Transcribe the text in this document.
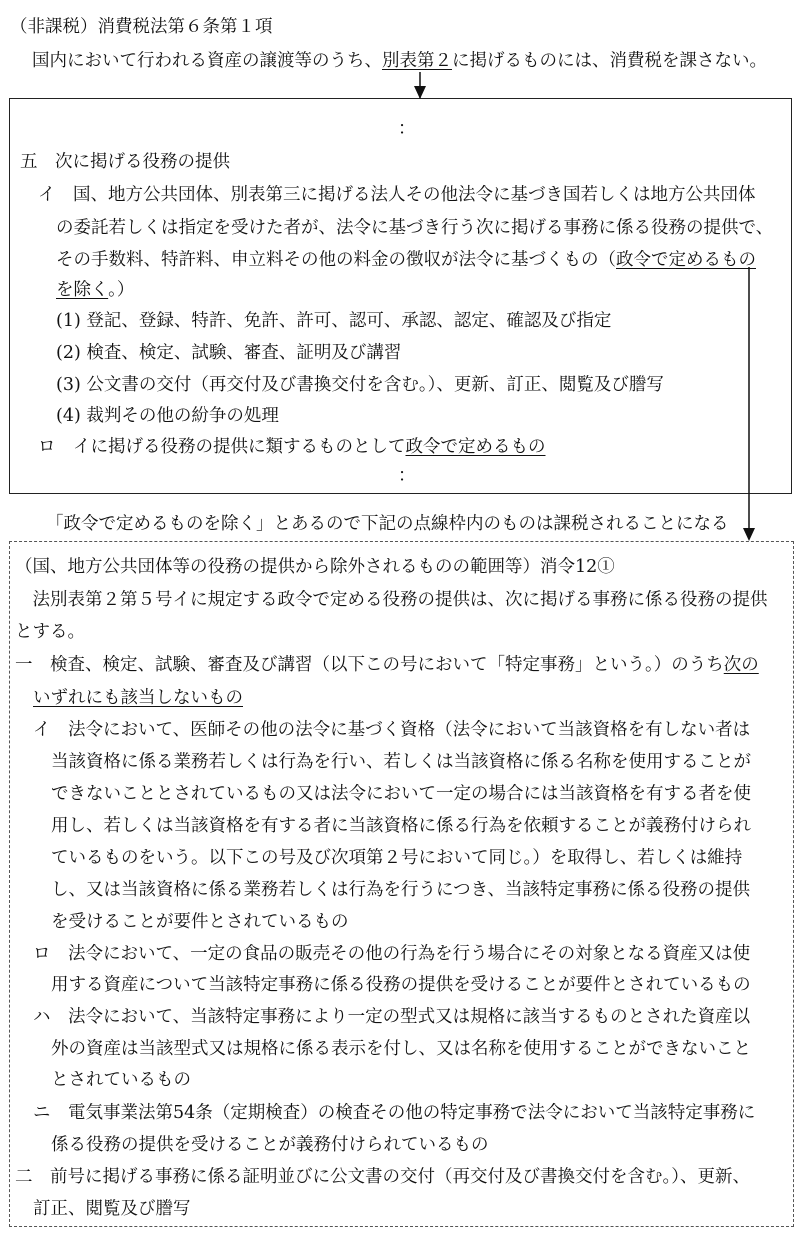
（非課税）消費税法第６条第１項
国内において行われる資産の譲渡等のうち、別表第２に掲げるものには、消費税を課さない。
：
五　次に掲げる役務の提供
イ　国、地方公共団体、別表第三に掲げる法人その他法令に基づき国若しくは地方公共団体
の委託若しくは指定を受けた者が、法令に基づき行う次に掲げる事務に係る役務の提供で、
その手数料、特許料、申立料その他の料金の徴収が法令に基づくもの（政令で定めるもの
を除く。）
(1) 登記、登録、特許、免許、許可、認可、承認、認定、確認及び指定
(2) 検査、検定、試験、審査、証明及び講習
(3) 公文書の交付（再交付及び書換交付を含む。）、更新、訂正、閲覧及び謄写
(4) 裁判その他の紛争の処理
ロ　イに掲げる役務の提供に類するものとして政令で定めるもの
：
「政令で定めるものを除く」とあるので下記の点線枠内のものは課税されることになる
（国、地方公共団体等の役務の提供から除外されるものの範囲等）消令12①
　法別表第２第５号イに規定する政令で定める役務の提供は、次に掲げる事務に係る役務の提供
とする。
一　検査、検定、試験、審査及び講習（以下この号において「特定事務」という。）のうち次の
いずれにも該当しないもの
イ　法令において、医師その他の法令に基づく資格（法令において当該資格を有しない者は
当該資格に係る業務若しくは行為を行い、若しくは当該資格に係る名称を使用することが
できないこととされているもの又は法令において一定の場合には当該資格を有する者を使
用し、若しくは当該資格を有する者に当該資格に係る行為を依頼することが義務付けられ
ているものをいう。以下この号及び次項第２号において同じ。）を取得し、若しくは維持
し、又は当該資格に係る業務若しくは行為を行うにつき、当該特定事務に係る役務の提供
を受けることが要件とされているもの
ロ　法令において、一定の食品の販売その他の行為を行う場合にその対象となる資産又は使
用する資産について当該特定事務に係る役務の提供を受けることが要件とされているもの
ハ　法令において、当該特定事務により一定の型式又は規格に該当するものとされた資産以
外の資産は当該型式又は規格に係る表示を付し、又は名称を使用することができないこと
とされているもの
ニ　電気事業法第54条（定期検査）の検査その他の特定事務で法令において当該特定事務に
係る役務の提供を受けることが義務付けられているもの
二　前号に掲げる事務に係る証明並びに公文書の交付（再交付及び書換交付を含む。）、更新、
訂正、閲覧及び謄写
